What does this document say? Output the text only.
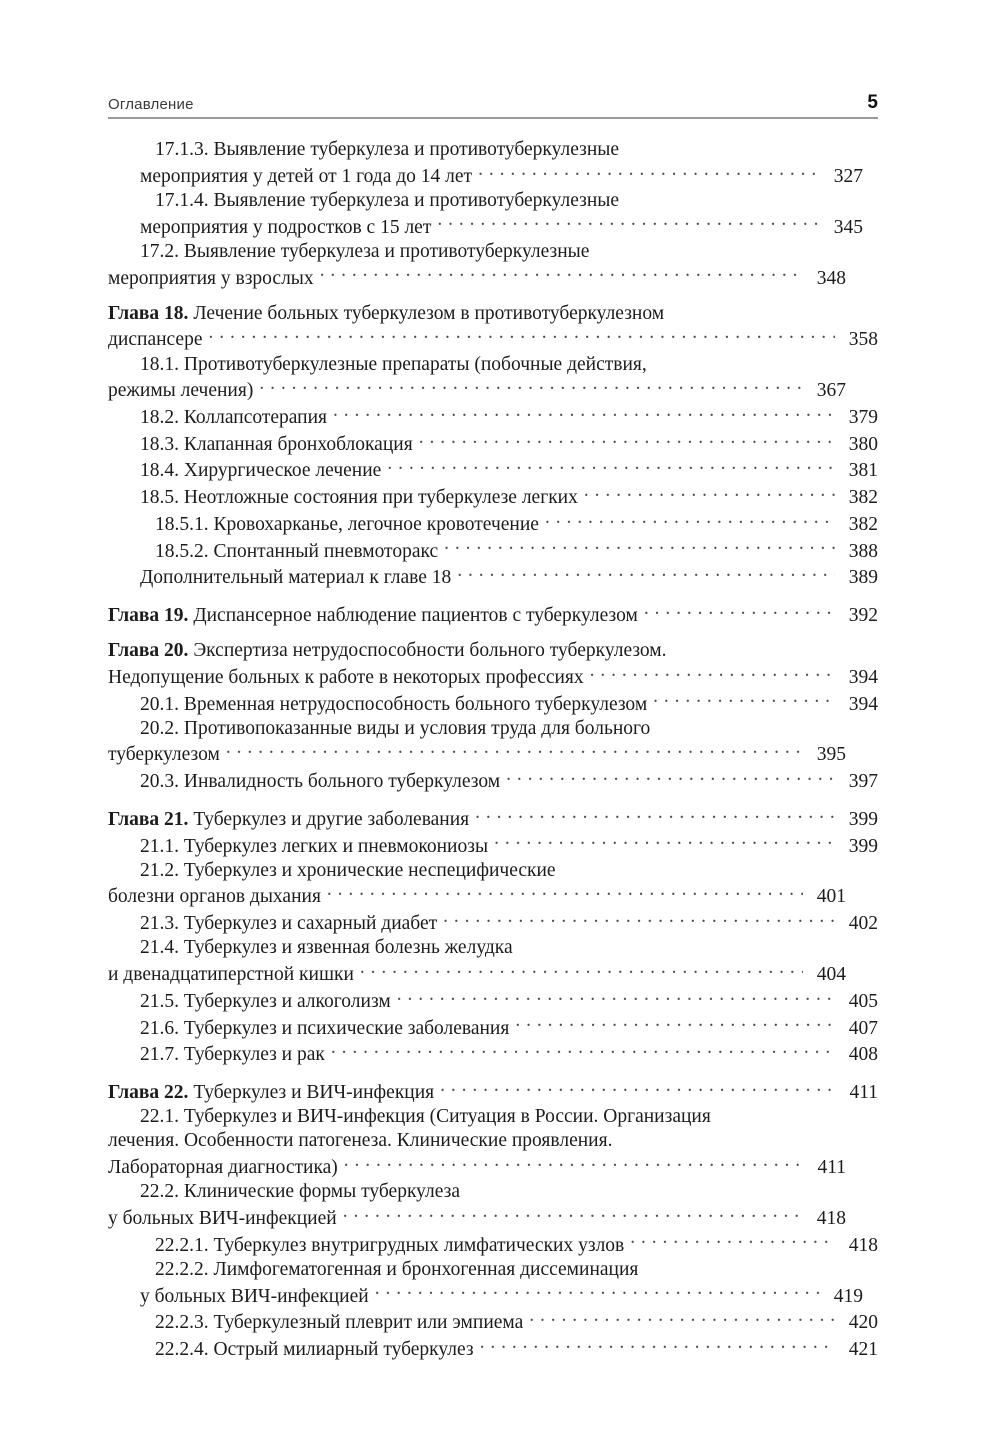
Оглавление	5
17.1.3. Выявление туберкулеза и противотуберкулезные
мероприятия у детей от 1 года до 14 лет . . .	327
17.1.4. Выявление туберкулеза и противотуберкулезные
мероприятия у подростков с 15 лет . . .	345
17.2. Выявление туберкулеза и противотуберкулезные
мероприятия у взрослых . . .	348
Глава 18. Лечение больных туберкулезом в противотуберкулезном
диспансере . . .	358
18.1. Противотуберкулезные препараты (побочные действия,
режимы лечения) . . .	367
18.2. Коллапсотерапия . . .	379
18.3. Клапанная бронхоблокация . . .	380
18.4. Хирургическое лечение . . .	381
18.5. Неотложные состояния при туберкулезе легких . . .	382
18.5.1. Кровохарканье, легочное кровотечение . . .	382
18.5.2. Спонтанный пневмоторакс . . .	388
Дополнительный материал к главе 18 . . .	389
Глава 19. Диспансерное наблюдение пациентов с туберкулезом . . .	392
Глава 20. Экспертиза нетрудоспособности больного туберкулезом.
Недопущение больных к работе в некоторых профессиях . . .	394
20.1. Временная нетрудоспособность больного туберкулезом . . .	394
20.2. Противопоказанные виды и условия труда для больного
туберкулезом . . .	395
20.3. Инвалидность больного туберкулезом . . .	397
Глава 21. Туберкулез и другие заболевания . . .	399
21.1. Туберкулез легких и пневмокониозы . . .	399
21.2. Туберкулез и хронические неспецифические
болезни органов дыхания . . .	401
21.3. Туберкулез и сахарный диабет . . .	402
21.4. Туберкулез и язвенная болезнь желудка
и двенадцатиперстной кишки . . .	404
21.5. Туберкулез и алкоголизм . . .	405
21.6. Туберкулез и психические заболевания . . .	407
21.7. Туберкулез и рак . . .	408
Глава 22. Туберкулез и ВИЧ-инфекция . . .	411
22.1. Туберкулез и ВИЧ-инфекция (Ситуация в России. Организация
лечения. Особенности патогенеза. Клинические проявления.
Лабораторная диагностика) . . .	411
22.2. Клинические формы туберкулеза
у больных ВИЧ-инфекцией . . .	418
22.2.1. Туберкулез внутригрудных лимфатических узлов . . .	418
22.2.2. Лимфогематогенная и бронхогенная диссеминация
у больных ВИЧ-инфекцией . . .	419
22.2.3. Туберкулезный плеврит или эмпиема . . .	420
22.2.4. Острый милиарный туберкулез . . .	421
